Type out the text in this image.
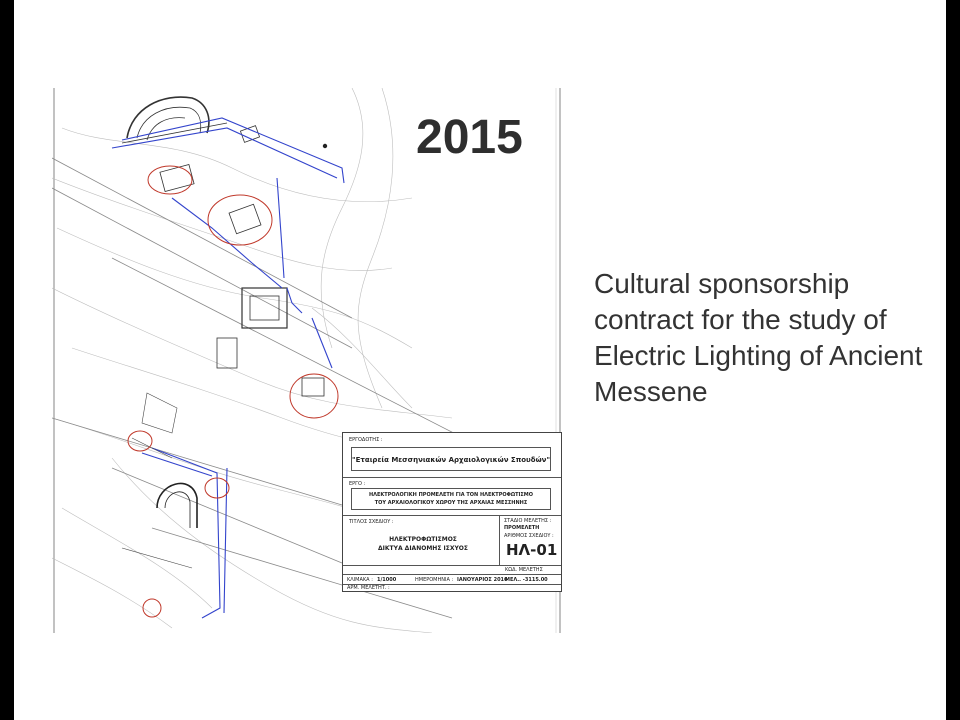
2015
Cultural sponsorship contract for the study of Electric Lighting of Ancient Messene
ΕΡΓΟΔΟΤΗΣ :
"Εταιρεία Μεσσηνιακών Αρχαιολογικών Σπουδών"
ΕΡΓΟ :
ΗΛΕΚΤΡΟΛΟΓΙΚΗ ΠΡΟΜΕΛΕΤΗ ΓΙΑ ΤΟΝ ΗΛΕΚΤΡΟΦΩΤΙΣΜΟ
ΤΟΥ ΑΡΧΑΙΟΛΟΓΙΚΟΥ ΧΩΡΟΥ ΤΗΣ ΑΡΧΑΙΑΣ ΜΕΣΣΗΝΗΣ
ΤΙΤΛΟΣ ΣΧΕΔΙΟΥ :
ΗΛΕΚΤΡΟΦΩΤΙΣΜΟΣ
ΔΙΚΤΥΑ ΔΙΑΝΟΜΗΣ ΙΣΧΥΟΣ
ΣΤΑΔΙΟ ΜΕΛΕΤΗΣ :
ΠΡΟΜΕΛΕΤΗ
ΑΡΙΘΜΟΣ ΣΧΕΔΙΟΥ :
ΗΛ-01
ΚΩΔ. ΜΕΛΕΤΗΣ
ΚΛΙΜΑΚΑ : 1/1000	ΗΜΕΡΟΜΗΝΙΑ : ΙΑΝΟΥΑΡΙΟΣ 2016
ΜΕΛ.. -3115.00
ΑΡΜ. ΜΕΛΕΤΗΤ. :
